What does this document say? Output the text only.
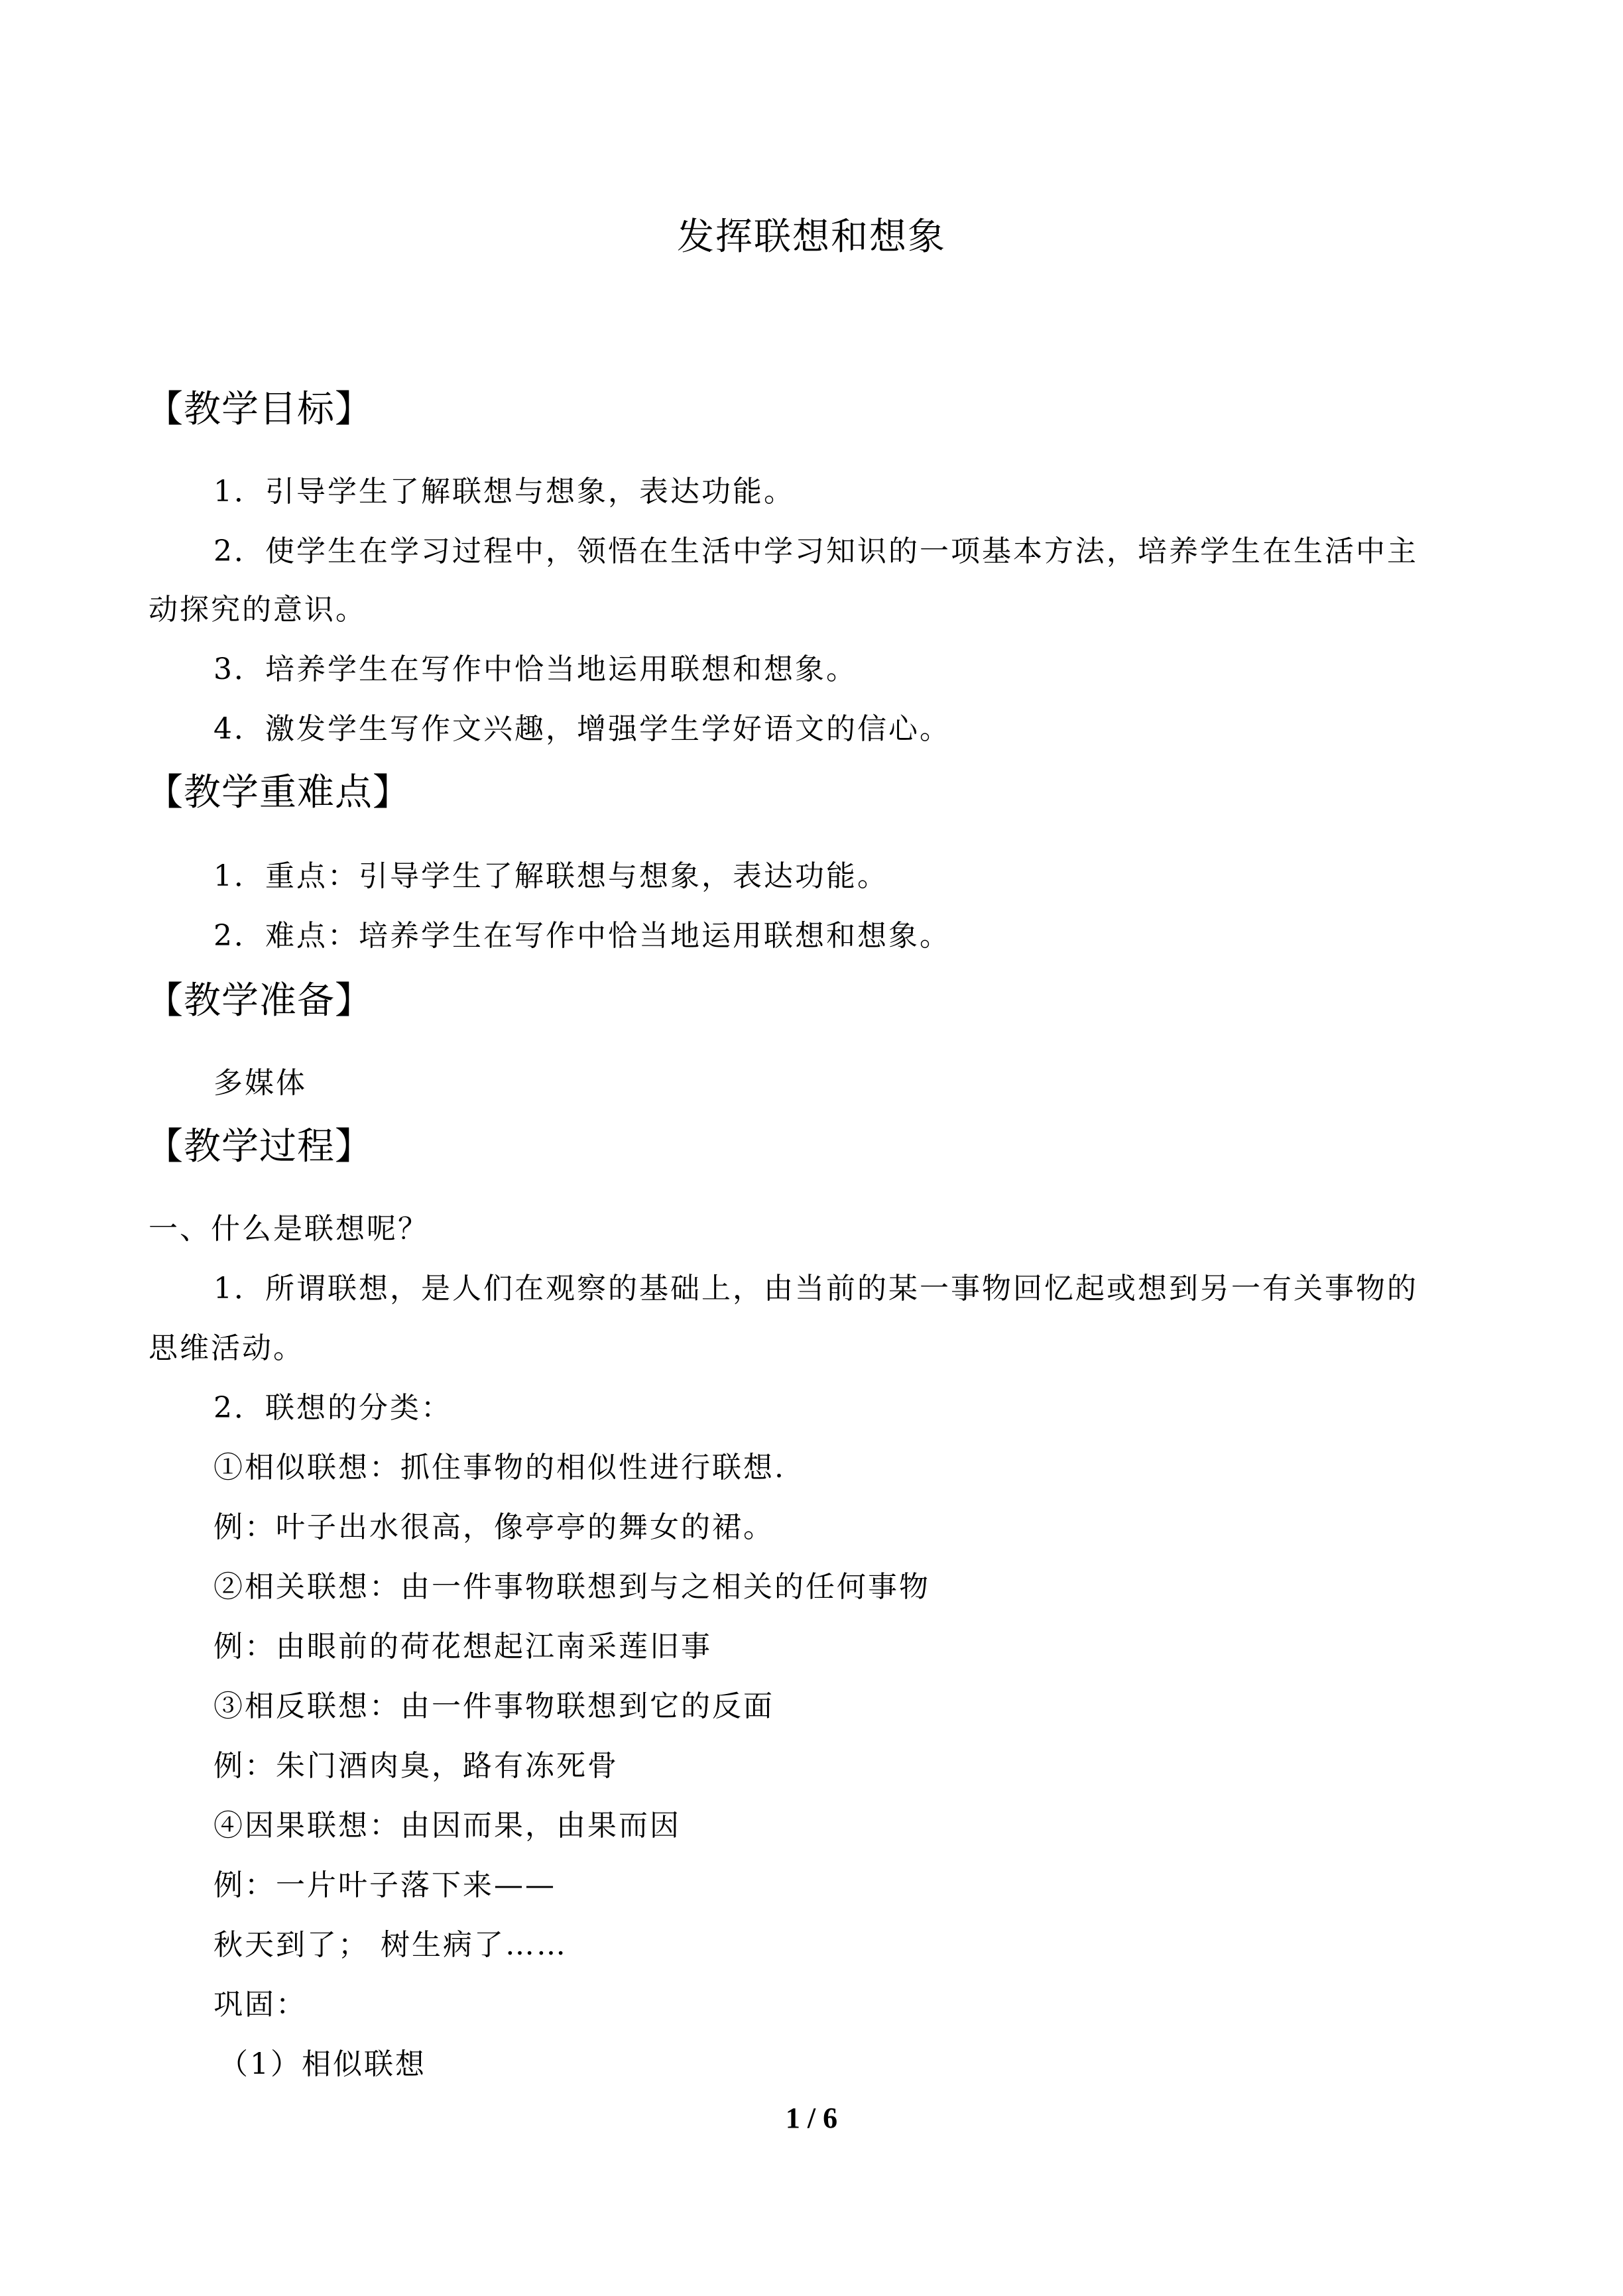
发挥联想和想象
【教学目标】
1．引导学生了解联想与想象，表达功能。
2．使学生在学习过程中，领悟在生活中学习知识的一项基本方法，培养学生在生活中主
动探究的意识。
3．培养学生在写作中恰当地运用联想和想象。
4．激发学生写作文兴趣，增强学生学好语文的信心。
【教学重难点】
1．重点：引导学生了解联想与想象，表达功能。
2．难点：培养学生在写作中恰当地运用联想和想象。
【教学准备】
多媒体
【教学过程】
一、什么是联想呢？
1．所谓联想，是人们在观察的基础上，由当前的某一事物回忆起或想到另一有关事物的
思维活动。
2．联想的分类：
①相似联想：抓住事物的相似性进行联想.
例：叶子出水很高，像亭亭的舞女的裙。
②相关联想：由一件事物联想到与之相关的任何事物
例：由眼前的荷花想起江南采莲旧事
③相反联想：由一件事物联想到它的反面
例：朱门酒肉臭，路有冻死骨
④因果联想：由因而果，由果而因
例：一片叶子落下来——
秋天到了； 树生病了……
巩固：
（1）相似联想
1 / 6
